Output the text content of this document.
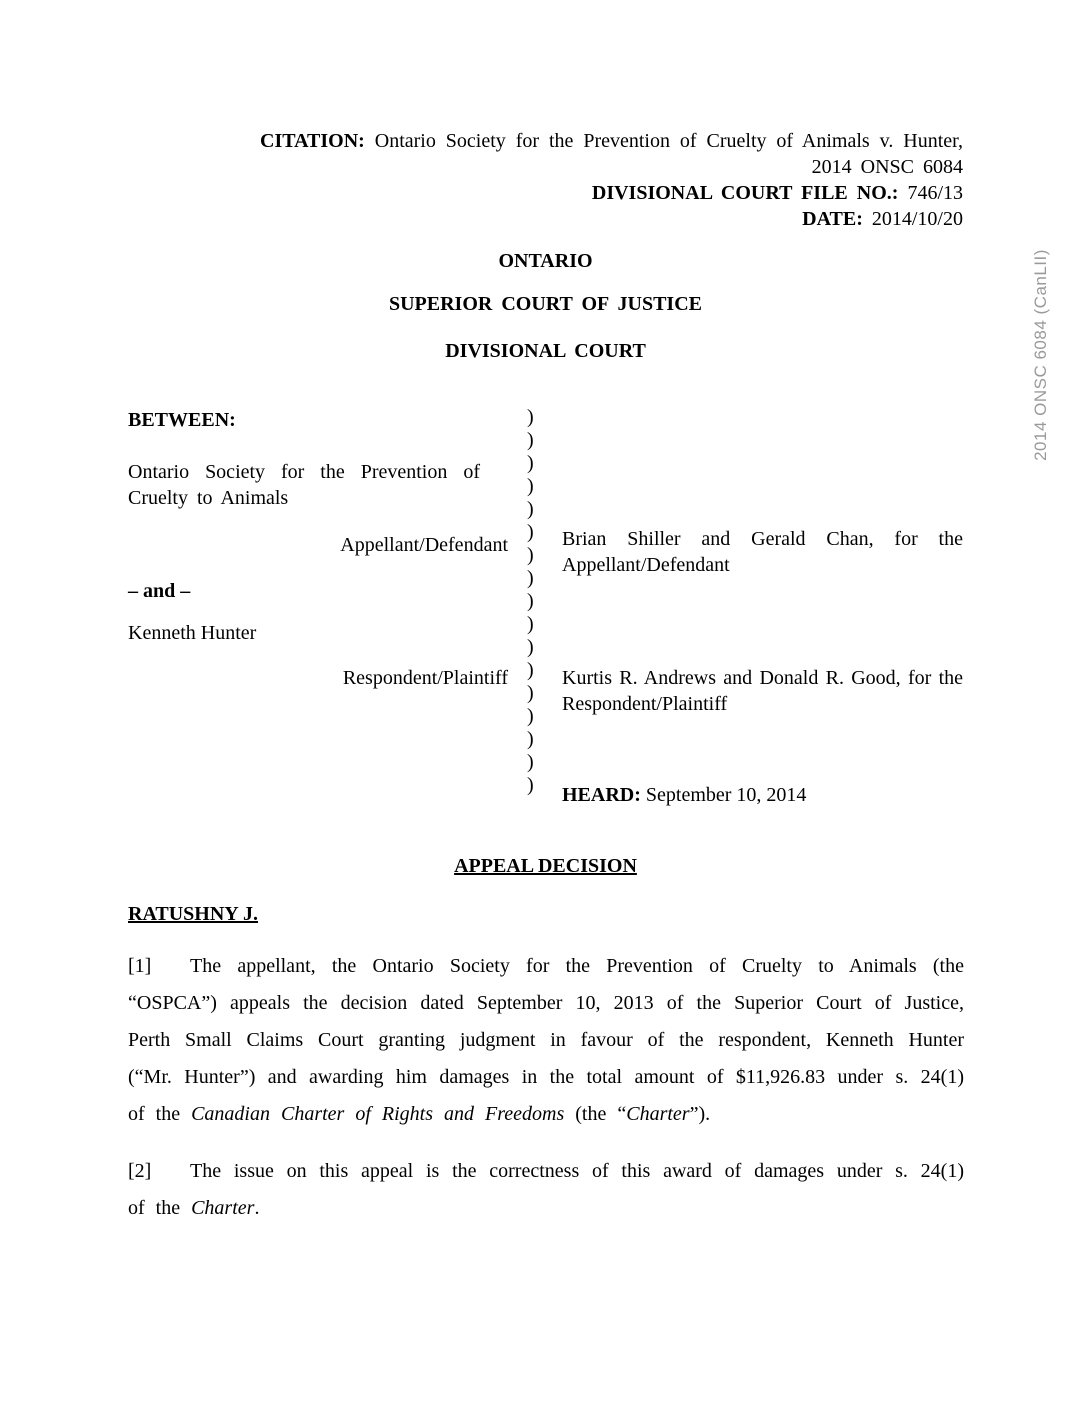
CITATION: Ontario Society for the Prevention of Cruelty of Animals v. Hunter,
2014 ONSC 6084
DIVISIONAL COURT FILE NO.: 746/13
DATE: 2014/10/20
ONTARIO
SUPERIOR COURT OF JUSTICE
DIVISIONAL COURT
BETWEEN:
Ontario Society for the Prevention of Cruelty to Animals
Appellant/Defendant
– and –
Kenneth Hunter
Respondent/Plaintiff
)
)
)
)
)
)
)
)
)
)
)
)
)
)
)
)
)
Brian Shiller and Gerald Chan, for the Appellant/Defendant
Kurtis R. Andrews and Donald R. Good, for the Respondent/Plaintiff
HEARD: September 10, 2014
APPEAL DECISION
RATUSHNY J.
[1] The appellant, the Ontario Society for the Prevention of Cruelty to Animals (the “OSPCA”) appeals the decision dated September 10, 2013 of the Superior Court of Justice, Perth Small Claims Court granting judgment in favour of the respondent, Kenneth Hunter (“Mr. Hunter”) and awarding him damages in the total amount of $11,926.83 under s. 24(1) of the Canadian Charter of Rights and Freedoms (the “Charter”).
[2] The issue on this appeal is the correctness of this award of damages under s. 24(1) of the Charter.
2014 ONSC 6084 (CanLII)
